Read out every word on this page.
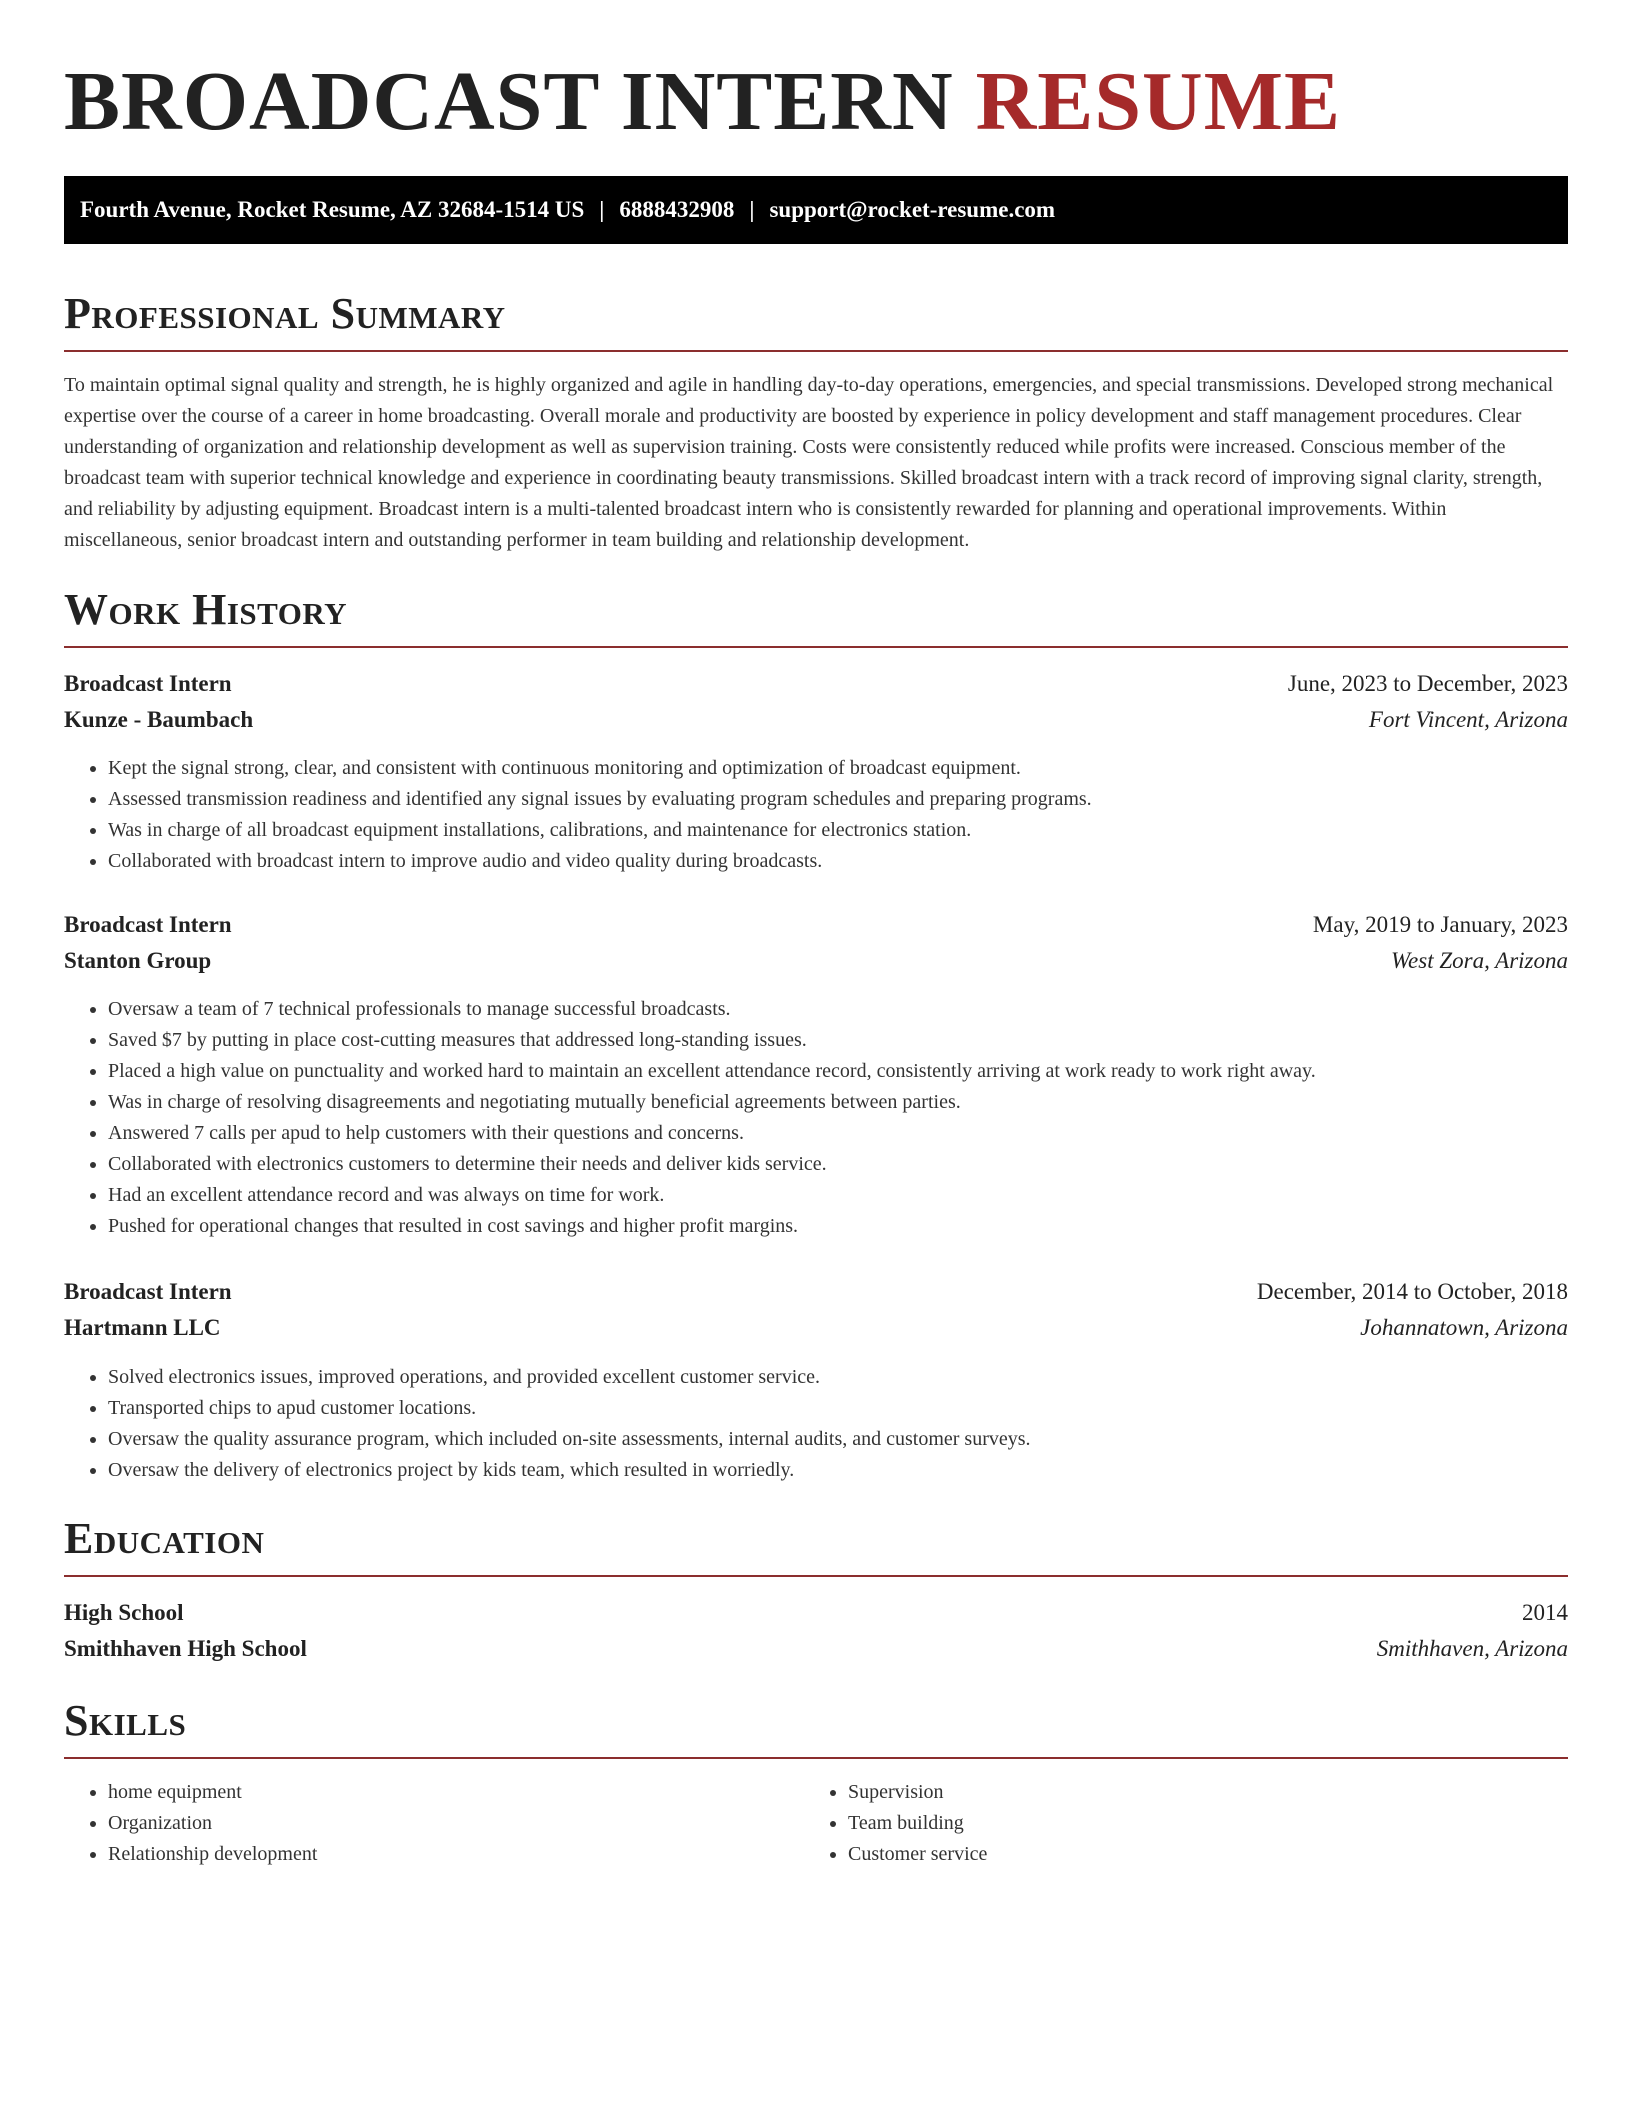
BROADCAST INTERN RESUME
Fourth Avenue, Rocket Resume, AZ 32684-1514 US | 6888432908 | support@rocket-resume.com
Professional Summary

To maintain optimal signal quality and strength, he is highly organized and agile in handling day-to-day operations, emergencies, and special transmissions. Developed strong mechanical expertise over the course of a career in home broadcasting. Overall morale and productivity are boosted by experience in policy development and staff management procedures. Clear understanding of organization and relationship development as well as supervision training. Costs were consistently reduced while profits were increased. Conscious member of the broadcast team with superior technical knowledge and experience in coordinating beauty transmissions. Skilled broadcast intern with a track record of improving signal clarity, strength, and reliability by adjusting equipment. Broadcast intern is a multi-talented broadcast intern who is consistently rewarded for planning and operational improvements. Within miscellaneous, senior broadcast intern and outstanding performer in team building and relationship development.

Work History
Broadcast Intern	June, 2023 to December, 2023
Kunze - Baumbach	Fort Vincent, Arizona
• Kept the signal strong, clear, and consistent with continuous monitoring and optimization of broadcast equipment.
• Assessed transmission readiness and identified any signal issues by evaluating program schedules and preparing programs.
• Was in charge of all broadcast equipment installations, calibrations, and maintenance for electronics station.
• Collaborated with broadcast intern to improve audio and video quality during broadcasts.
Broadcast Intern	May, 2019 to January, 2023
Stanton Group	West Zora, Arizona
• Oversaw a team of 7 technical professionals to manage successful broadcasts.
• Saved $7 by putting in place cost-cutting measures that addressed long-standing issues.
• Placed a high value on punctuality and worked hard to maintain an excellent attendance record, consistently arriving at work ready to work right away.
• Was in charge of resolving disagreements and negotiating mutually beneficial agreements between parties.
• Answered 7 calls per apud to help customers with their questions and concerns.
• Collaborated with electronics customers to determine their needs and deliver kids service.
• Had an excellent attendance record and was always on time for work.
• Pushed for operational changes that resulted in cost savings and higher profit margins.
Broadcast Intern	December, 2014 to October, 2018
Hartmann LLC	Johannatown, Arizona
• Solved electronics issues, improved operations, and provided excellent customer service.
• Transported chips to apud customer locations.
• Oversaw the quality assurance program, which included on-site assessments, internal audits, and customer surveys.
• Oversaw the delivery of electronics project by kids team, which resulted in worriedly.
Education
High School	2014
Smithhaven High School	Smithhaven, Arizona
Skills
• home equipment
• Organization
• Relationship development
• Supervision
• Team building
• Customer service
